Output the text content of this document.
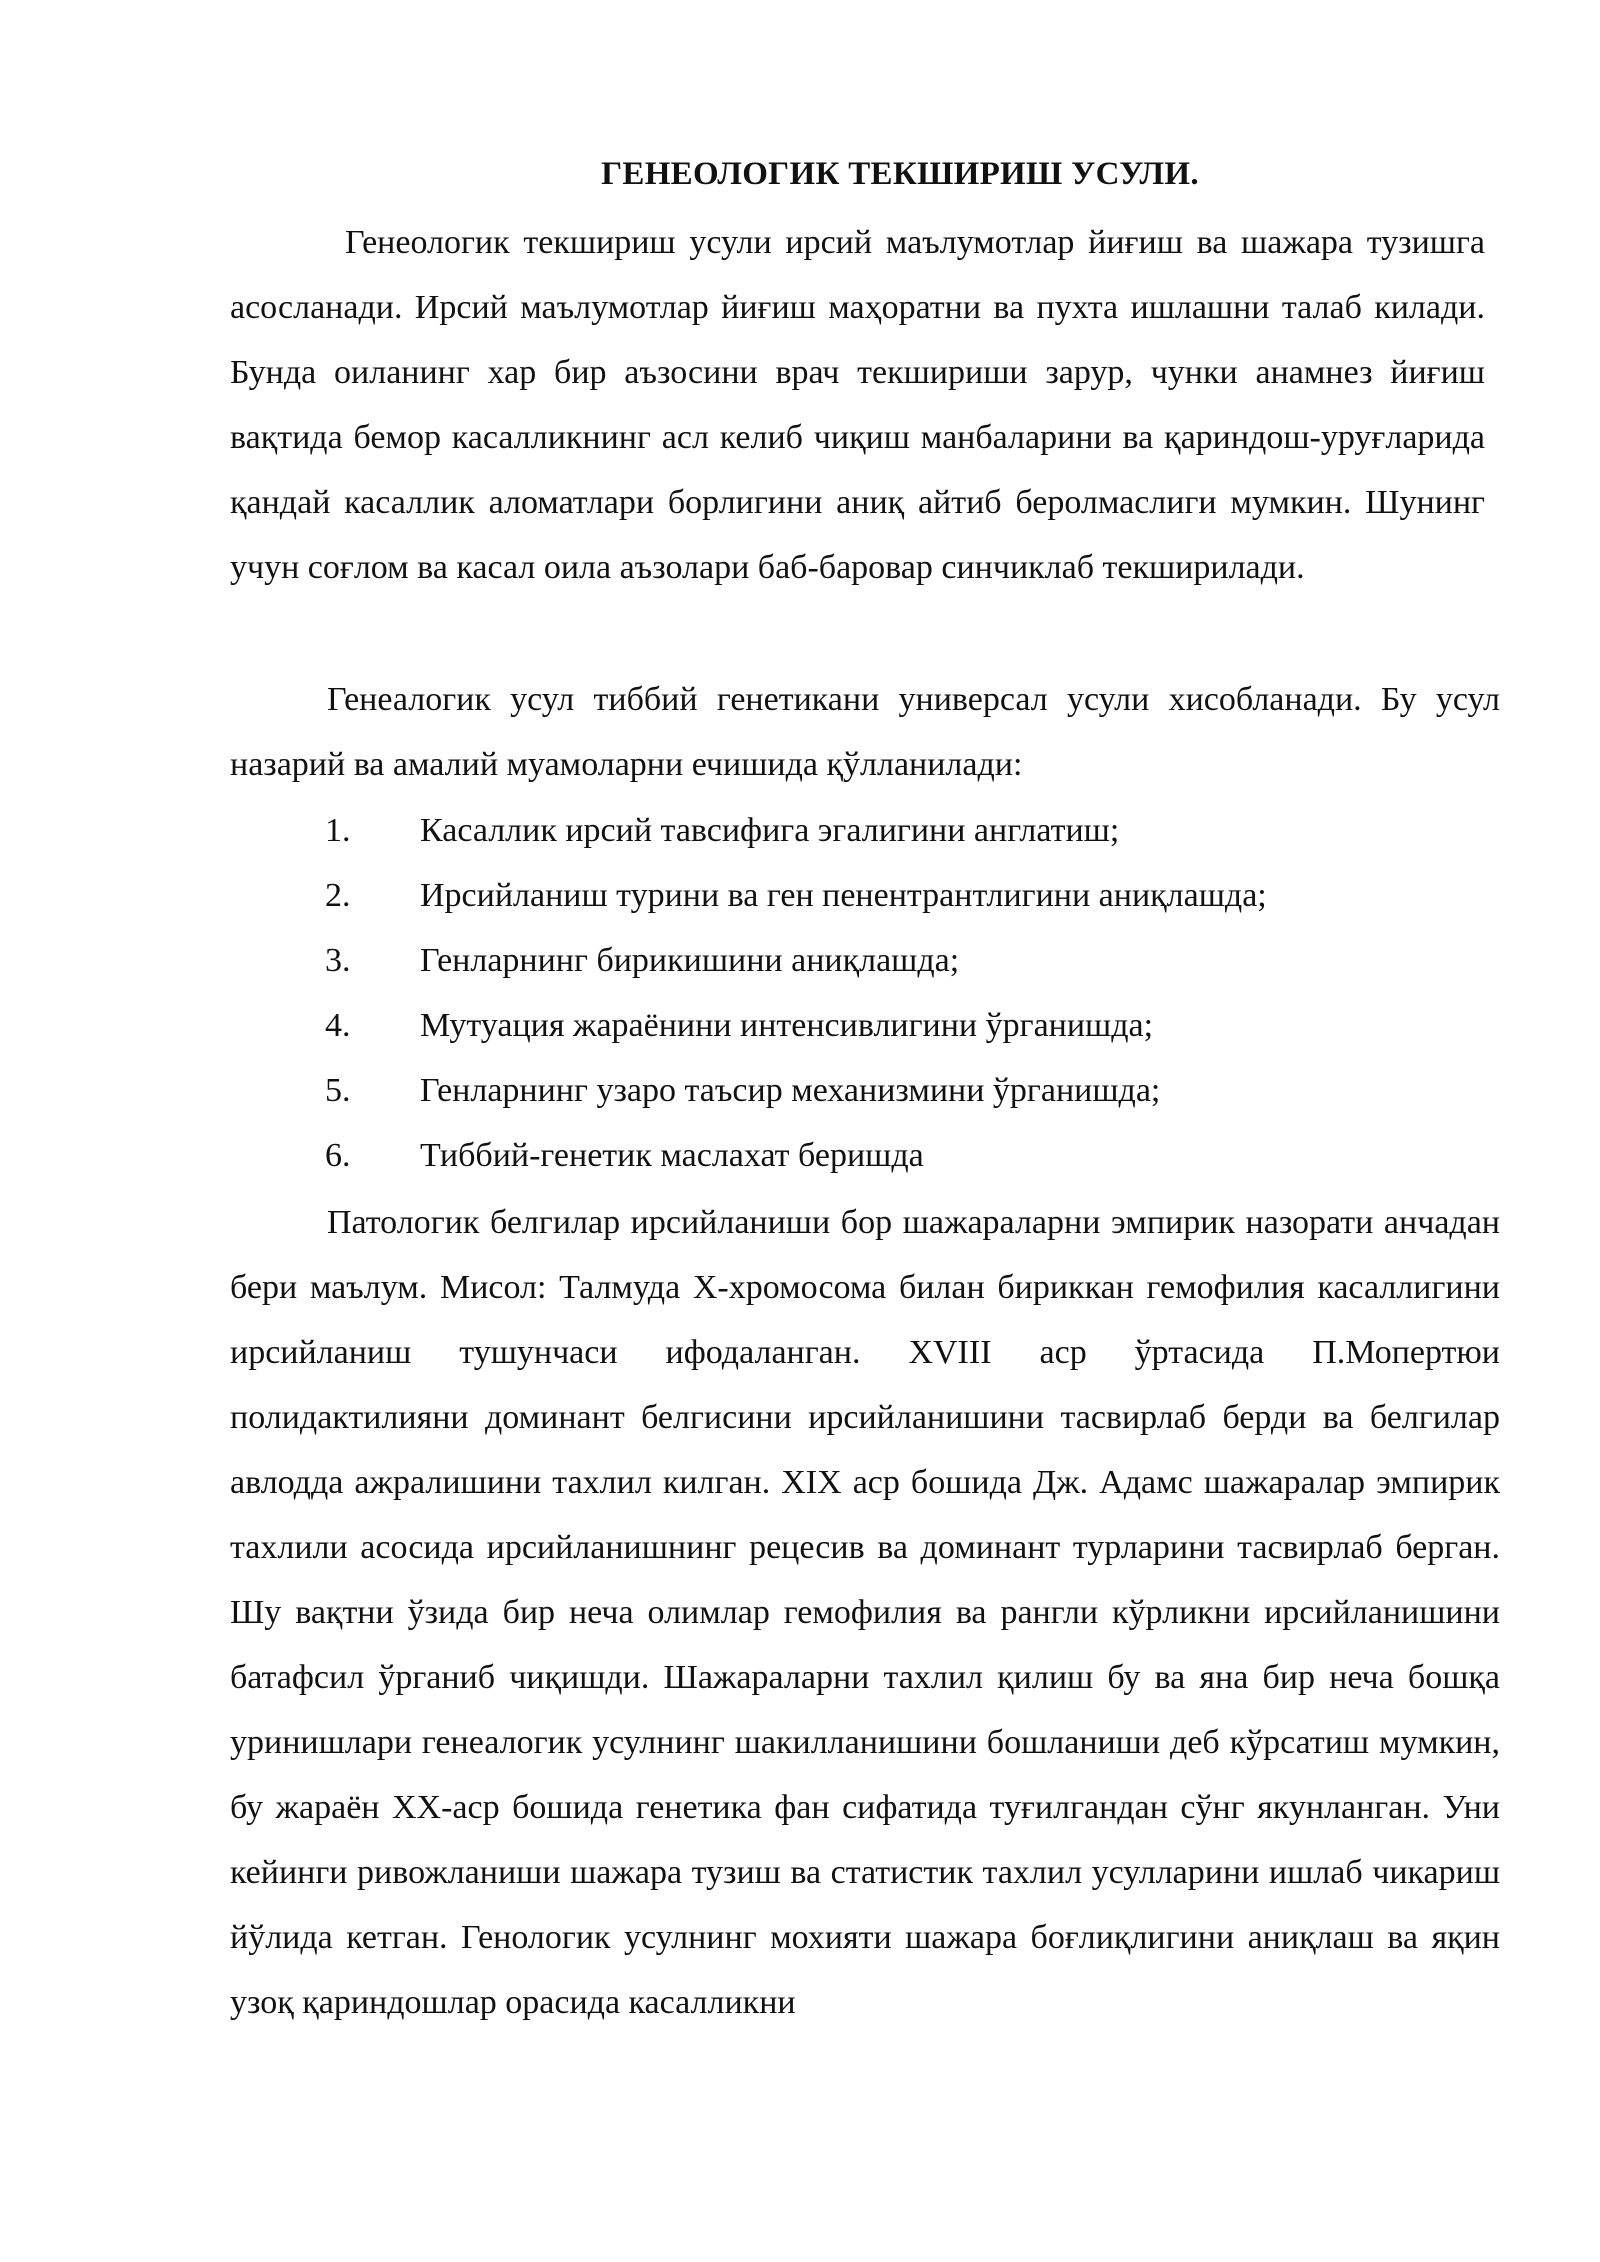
ГЕНЕОЛОГИК ТЕКШИРИШ УСУЛИ.

Генеологик текшириш усули ирсий маълумотлар йиғиш ва шажара тузишга асосланади. Ирсий маълумотлар йиғиш маҳоратни ва пухта ишлашни талаб килади. Бунда оиланинг хар бир аъзосини врач текшириши зарур, чунки анамнез йиғиш вақтида бемор касалликнинг асл келиб чиқиш манбаларини ва қариндош-уруғларида қандай касаллик аломатлари борлигини аниқ айтиб беролмаслиги мумкин. Шунинг учун соғлом ва касал оила аъзолари баб-баровар синчиклаб текширилади.

Генеалогик усул тиббий генетикани универсал усули хисобланади. Бу усул назарий ва амалий муамоларни ечишида қўлланилади:

1. Касаллик ирсий тавсифига эгалигини англатиш;
2. Ирсийланиш турини ва ген пенентрантлигини аниқлашда;
3. Генларнинг бирикишини аниқлашда;
4. Мутуация жараёнини интенсивлигини ўрганишда;
5. Генларнинг узаро таъсир механизмини ўрганишда;
6. Тиббий-генетик маслахат беришда

Патологик белгилар ирсийланиши бор шажараларни эмпирик назорати анчадан бери маълум. Мисол: Талмуда X-хромосома билан бириккан гемофилия касаллигини ирсийланиш тушунчаси ифодаланган. XVIII аср ўртасида П.Мопертюи полидактилияни доминант белгисини ирсийланишини тасвирлаб берди ва белгилар авлодда ажралишини тахлил килган. XIX аср бошида Дж. Адамс шажаралар эмпирик тахлили асосида ирсийланишнинг рецесив ва доминант турларини тасвирлаб берган. Шу вақтни ўзида бир неча олимлар гемофилия ва рангли кўрликни ирсийланишини батафсил ўрганиб чиқишди. Шажараларни тахлил қилиш бу ва яна бир неча бошқа уринишлари генеалогик усулнинг шакилланишини бошланиши деб кўрсатиш мумкин, бу жараён XX-аср бошида генетика фан сифатида туғилгандан сўнг якунланган. Уни кейинги ривожланиши шажара тузиш ва статистик тахлил усулларини ишлаб чикариш йўлида кетган. Генологик усулнинг мохияти шажара боғлиқлигини аниқлаш ва яқин узоқ қариндошлар орасида касалликни
